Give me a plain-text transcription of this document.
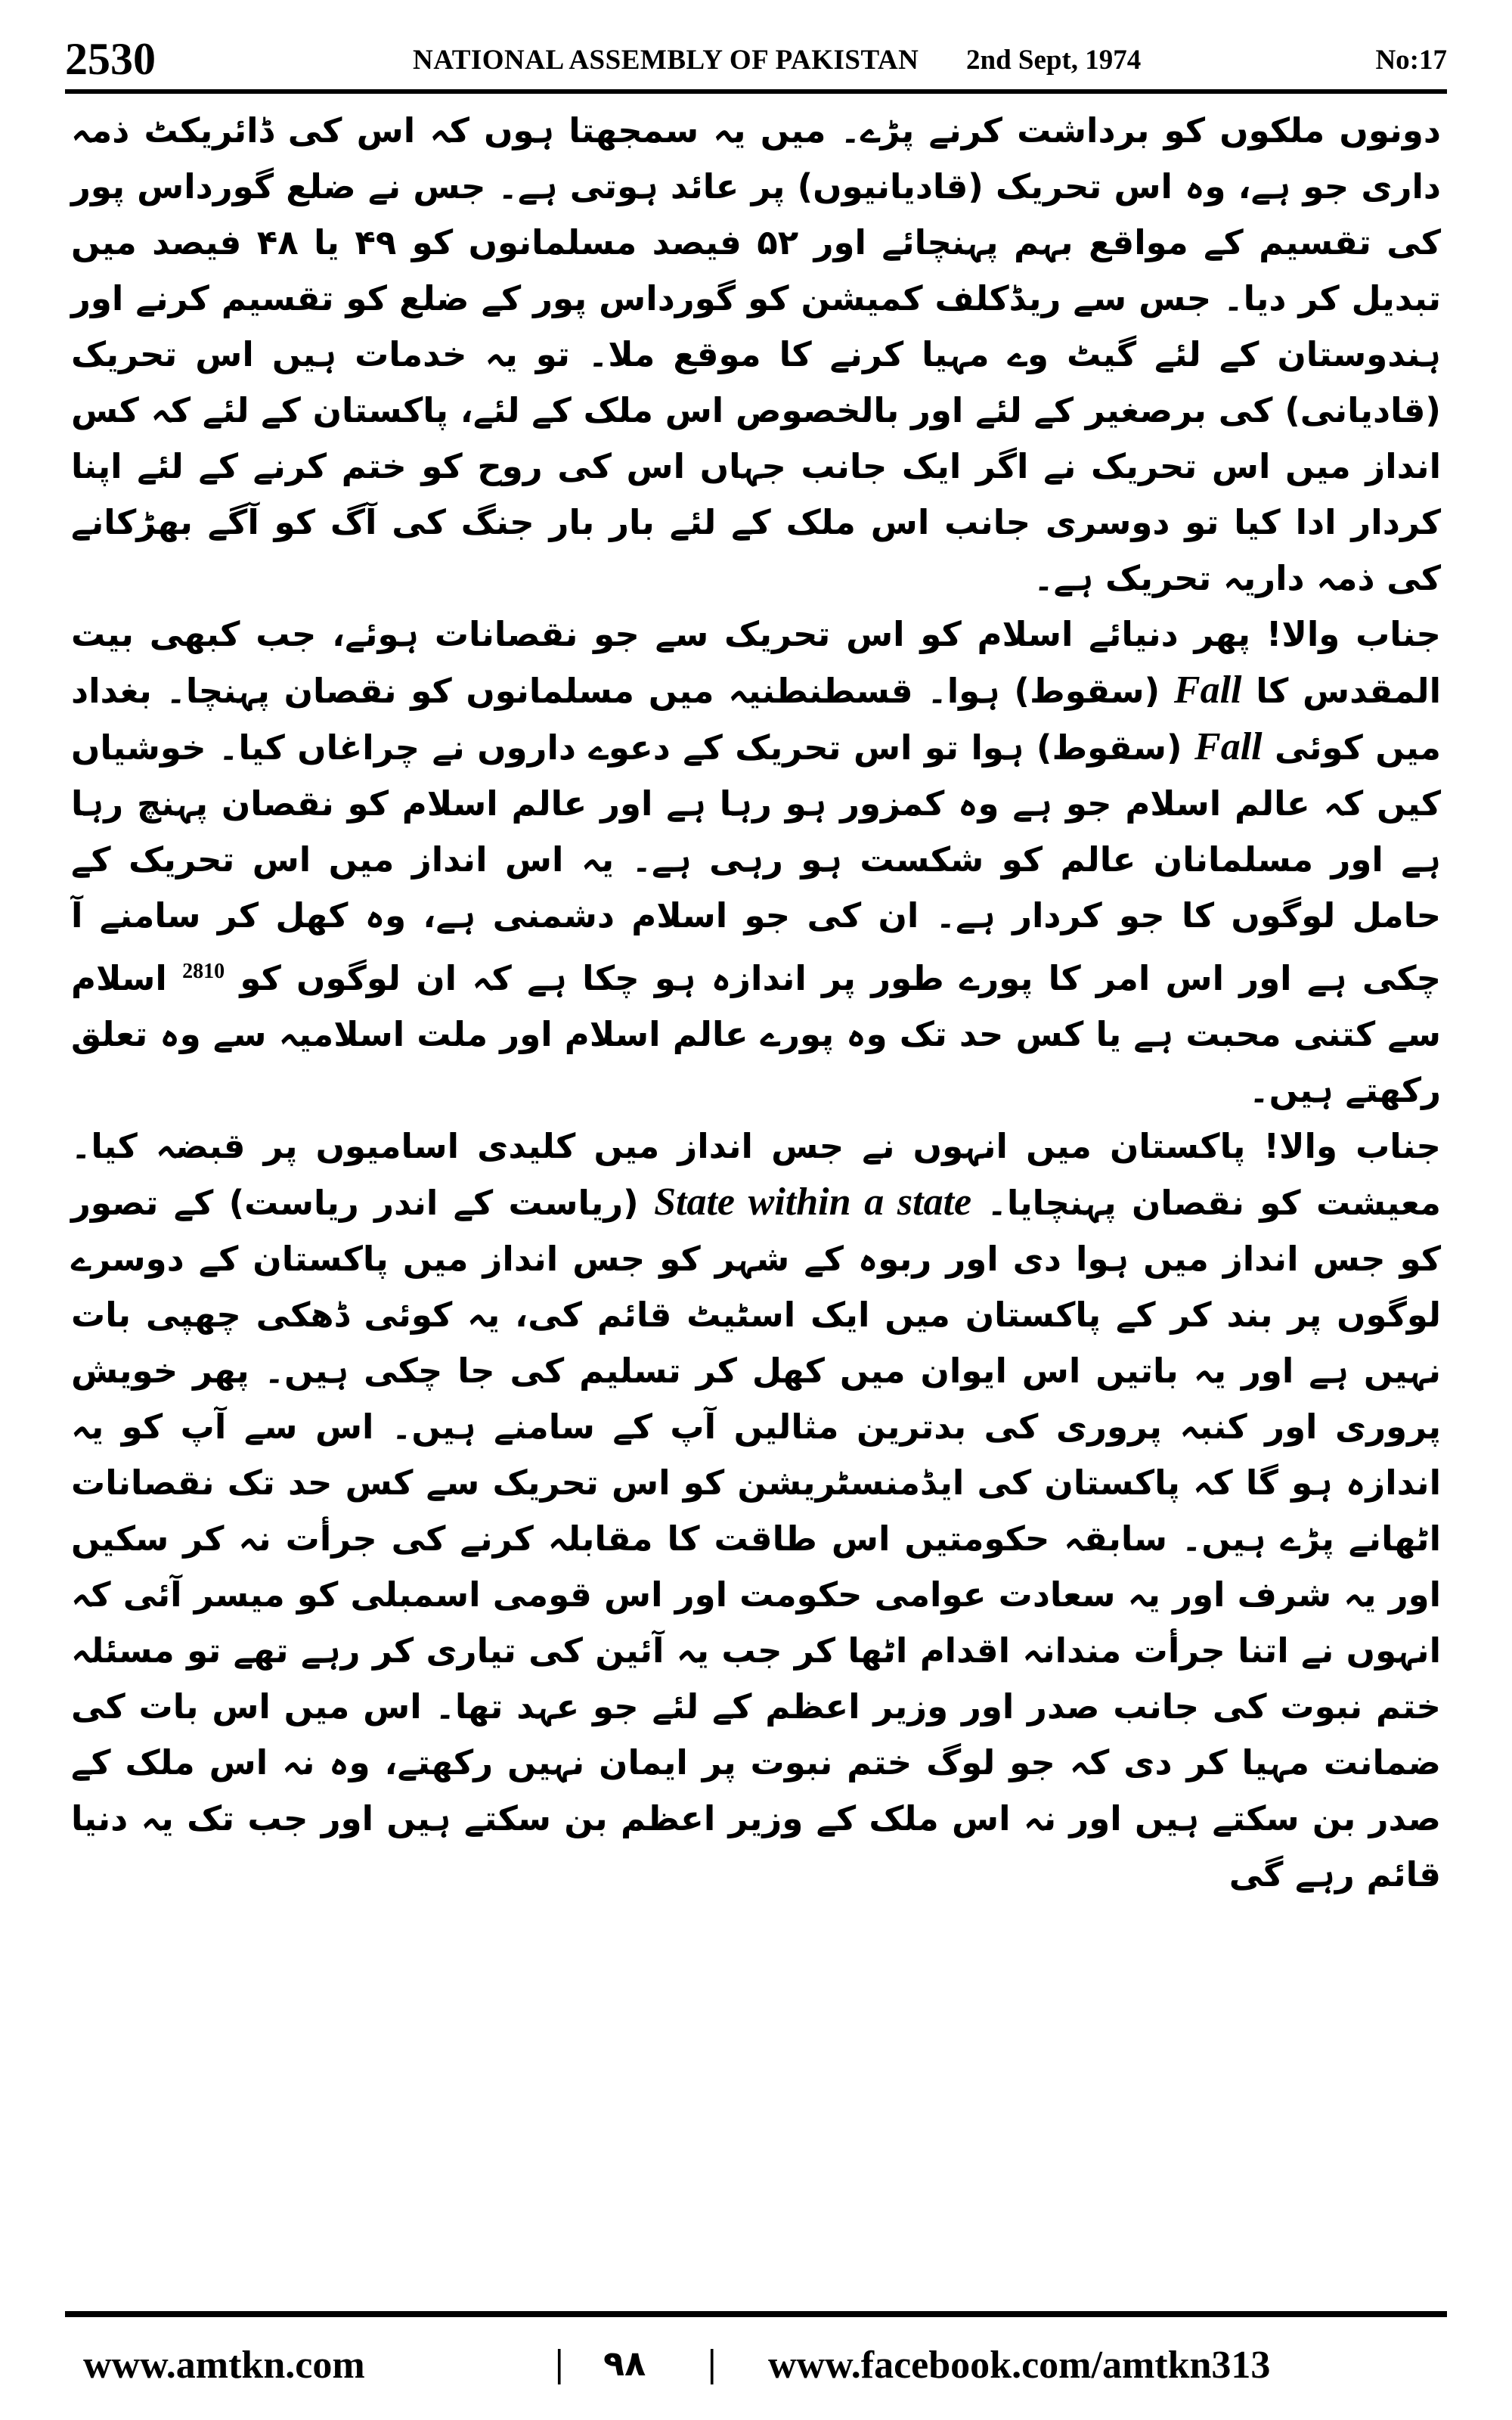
2530	NATIONAL ASSEMBLY OF PAKISTAN 2nd Sept, 1974	No:17

دونوں ملکوں کو برداشت کرنے پڑے۔ میں یہ سمجھتا ہوں کہ اس کی ڈائریکٹ ذمہ داری جو ہے، وہ اس تحریک (قادیانیوں) پر عائد ہوتی ہے۔ جس نے ضلع گورداس پور کی تقسیم کے مواقع بہم پہنچائے اور ۵۲ فیصد مسلمانوں کو ۴۹ یا ۴۸ فیصد میں تبدیل کر دیا۔ جس سے ریڈکلف کمیشن کو گورداس پور کے ضلع کو تقسیم کرنے اور ہندوستان کے لئے گیٹ وے مہیا کرنے کا موقع ملا۔ تو یہ خدمات ہیں اس تحریک (قادیانی) کی برصغیر کے لئے اور بالخصوص اس ملک کے لئے، پاکستان کے لئے کہ کس انداز میں اس تحریک نے اگر ایک جانب جہاں اس کی روح کو ختم کرنے کے لئے اپنا کردار ادا کیا تو دوسری جانب اس ملک کے لئے بار بار جنگ کی آگ کو آگے بھڑکانے کی ذمہ داریہ تحریک ہے۔

جناب والا! پھر دنیائے اسلام کو اس تحریک سے جو نقصانات ہوئے، جب کبھی بیت المقدس کا Fall (سقوط) ہوا۔ قسطنطنیہ میں مسلمانوں کو نقصان پہنچا۔ بغداد میں کوئی Fall (سقوط) ہوا تو اس تحریک کے دعوے داروں نے چراغاں کیا۔ خوشیاں کیں کہ عالم اسلام جو ہے وہ کمزور ہو رہا ہے اور عالم اسلام کو نقصان پہنچ رہا ہے اور مسلمانان عالم کو شکست ہو رہی ہے۔ یہ اس انداز میں اس تحریک کے حامل لوگوں کا جو کردار ہے۔ ان کی جو اسلام دشمنی ہے، وہ کھل کر سامنے آ چکی ہے اور اس امر کا پورے طور پر اندازہ ہو چکا ہے کہ ان لوگوں کو $^{2810}$ اسلام سے کتنی محبت ہے یا کس حد تک وہ پورے عالم اسلام اور ملت اسلامیہ سے وہ تعلق رکھتے ہیں۔

جناب والا! پاکستان میں انہوں نے جس انداز میں کلیدی اسامیوں پر قبضہ کیا۔ معیشت کو نقصان پہنچایا۔ State within a state (ریاست کے اندر ریاست) کے تصور کو جس انداز میں ہوا دی اور ربوہ کے شہر کو جس انداز میں پاکستان کے دوسرے لوگوں پر بند کر کے پاکستان میں ایک اسٹیٹ قائم کی، یہ کوئی ڈھکی چھپی بات نہیں ہے اور یہ باتیں اس ایوان میں کھل کر تسلیم کی جا چکی ہیں۔ پھر خویش پروری اور کنبہ پروری کی بدترین مثالیں آپ کے سامنے ہیں۔ اس سے آپ کو یہ اندازہ ہو گا کہ پاکستان کی ایڈمنسٹریشن کو اس تحریک سے کس حد تک نقصانات اٹھانے پڑے ہیں۔ سابقہ حکومتیں اس طاقت کا مقابلہ کرنے کی جرأت نہ کر سکیں اور یہ شرف اور یہ سعادت عوامی حکومت اور اس قومی اسمبلی کو میسر آئی کہ انہوں نے اتنا جرأت مندانہ اقدام اٹھا کر جب یہ آئین کی تیاری کر رہے تھے تو مسئلہ ختم نبوت کی جانب صدر اور وزیر اعظم کے لئے جو عہد تھا۔ اس میں اس بات کی ضمانت مہیا کر دی کہ جو لوگ ختم نبوت پر ایمان نہیں رکھتے، وہ نہ اس ملک کے صدر بن سکتے ہیں اور نہ اس ملک کے وزیر اعظم بن سکتے ہیں اور جب تک یہ دنیا قائم رہے گی

www.amtkn.com	| ۹۸ | www.facebook.com/amtkn313
